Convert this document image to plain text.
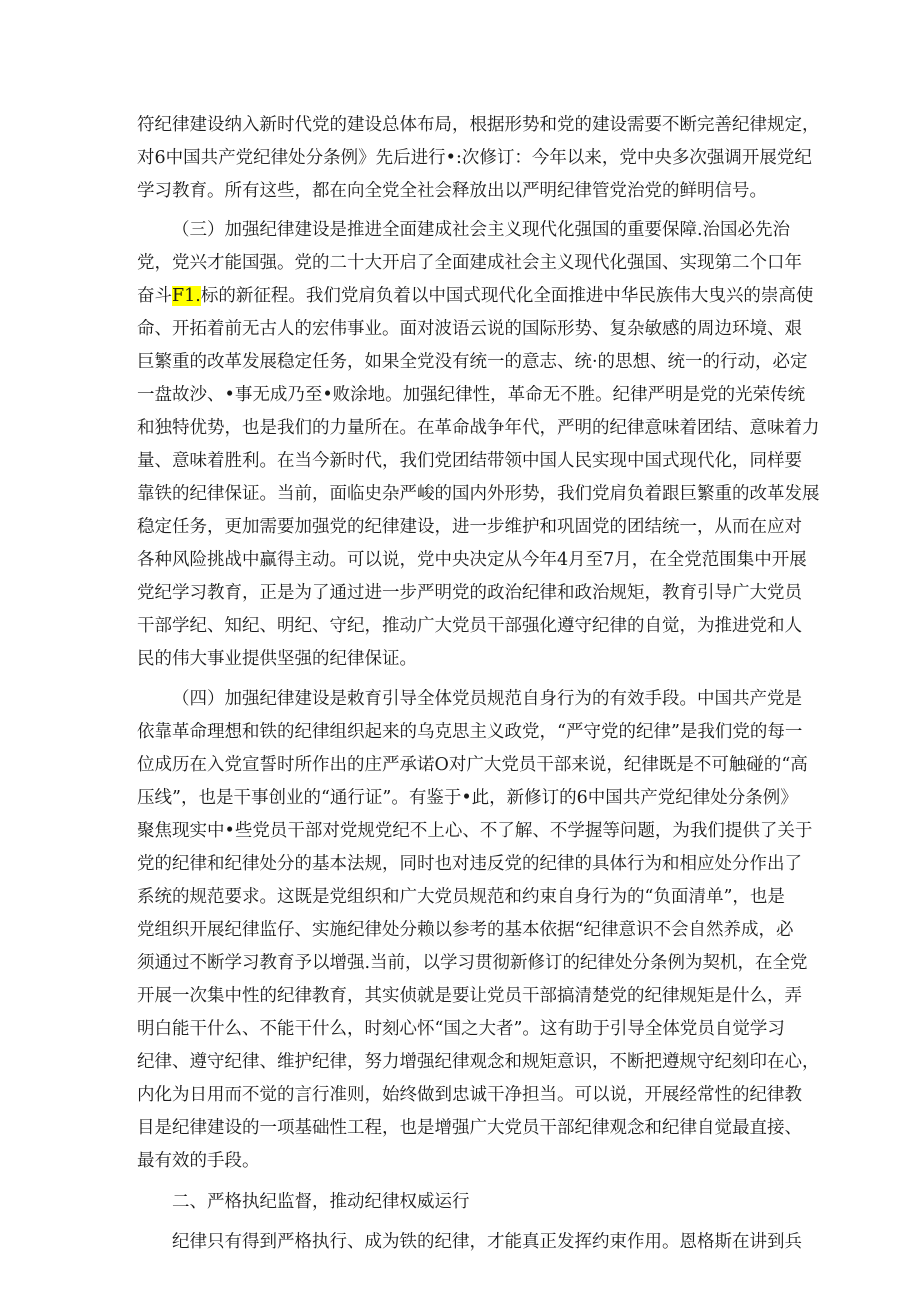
符纪律建设纳入新时代党的建设总体布局，根据形势和党的建设需要不断完善纪律规定，
对6中国共产党纪律处分条例》先后进行•:次修订：今年以来，党中央多次强调开展党纪
学习教育。所有这些，都在向全党全社会释放出以严明纪律管党治党的鲜明信号。
（三）加强纪律建设是推进全面建成社会主义现代化强国的重要保障.治国必先治
党，党兴才能国强。党的二十大开启了全面建成社会主义现代化强国、实现第二个口年
奋斗F1.标的新征程。我们党肩负着以中国式现代化全面推进中华民族伟大曳兴的崇高使
命、开拓着前无古人的宏伟事业。面对波语云说的国际形势、复杂敏感的周边环境、艰
巨繁重的改革发展稳定任务，如果全党没有统一的意志、统·的思想、统一的行动，必定
一盘故沙、•事无成乃至•败涂地。加强纪律性，革命无不胜。纪律严明是党的光荣传统
和独特优势，也是我们的力量所在。在革命战争年代，严明的纪律意味着团结、意味着力
量、意味着胜利。在当今新时代，我们党团结带领中国人民实现中国式现代化，同样要
靠铁的纪律保证。当前，面临史杂严峻的国内外形势，我们党肩负着跟巨繁重的改革发展
稳定任务，更加需要加强党的纪律建设，进一步维护和巩固党的团结统一，从而在应对
各种风险挑战中赢得主动。可以说，党中央决定从今年4月至7月，在全党范围集中开展
党纪学习教育，正是为了通过进一步严明党的政治纪律和政治规矩，教育引导广大党员
干部学纪、知纪、明纪、守纪，推动广大党员干部强化遵守纪律的自觉，为推进党和人
民的伟大事业提供坚强的纪律保证。
（四）加强纪律建设是敕育引导全体党员规范自身行为的有效手段。中国共产党是
依靠革命理想和铁的纪律组织起来的乌克思主义政党，“严守党的纪律”是我们党的每一
位成历在入党宣誓时所作出的庄严承诺O对广大党员干部来说，纪律既是不可触碰的“高
压线”，也是干事创业的“通行证”。有鉴于•此，新修订的6中国共产党纪律处分条例》
聚焦现实中•些党员干部对党规党纪不上心、不了解、不学握等问题，为我们提供了关于
党的纪律和纪律处分的基本法规，同时也对违反党的纪律的具体行为和相应处分作出了
系统的规范要求。这既是党组织和广大党员规范和约束自身行为的“负面清单”，也是
党组织开展纪律监仔、实施纪律处分赖以参考的基本依据“纪律意识不会自然养成，必
须通过不断学习教育予以增强.当前，以学习贯彻新修订的纪律处分条例为契机，在全党
开展一次集中性的纪律教育，其实侦就是要让党员干部搞清楚党的纪律规矩是什么，弄
明白能干什么、不能干什么，时刻心怀“国之大者”。这有助于引导全体党员自觉学习
纪律、遵守纪律、维护纪律，努力增强纪律观念和规矩意识，不断把遵规守纪刻印在心，
内化为日用而不觉的言行准则，始终做到忠诚干净担当。可以说，开展经常性的纪律教
目是纪律建设的一项基础性工程，也是增强广大党员干部纪律观念和纪律自觉最直接、
最有效的手段。
二、严格执纪监督，推动纪律权威运行
纪律只有得到严格执行、成为铁的纪律，才能真正发挥约束作用。恩格斯在讲到兵
